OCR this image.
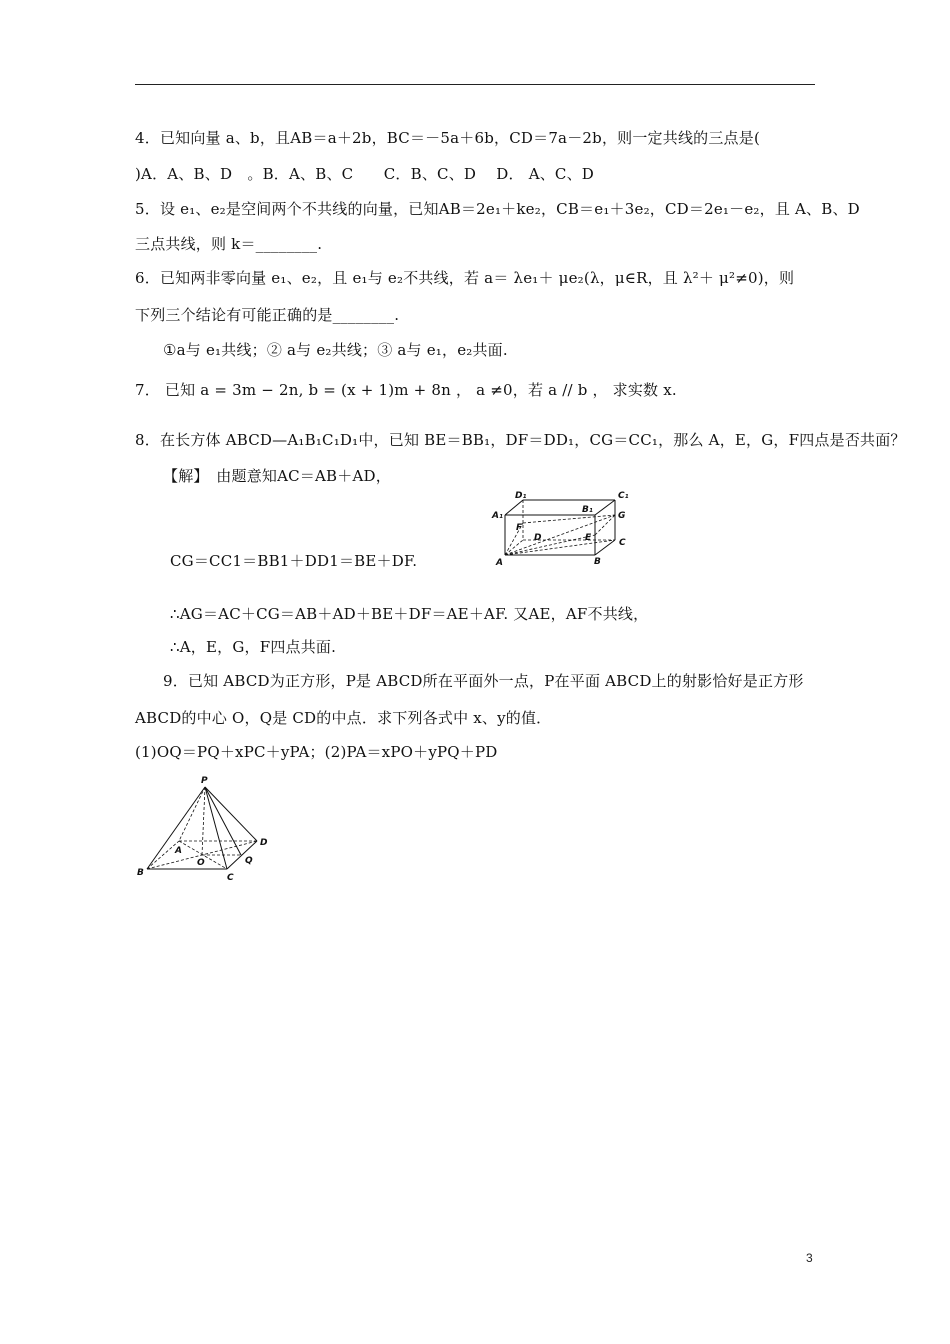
4．已知向量 a、b，且AB＝a＋2b，BC＝－5a＋6b，CD＝7a－2b，则一定共线的三点是(
)A．A、B、D　。B．A、B、C　　C．B、C、D　 D． A、C、D
5．设 e₁、e₂是空间两个不共线的向量，已知AB＝2e₁＋ke₂，CB＝e₁＋3e₂，CD＝2e₁－e₂，且 A、B、D
三点共线，则 k＝________.
6．已知两非零向量 e₁、e₂，且 e₁与 e₂不共线，若 a＝ λe₁＋ μe₂(λ，μ∈R，且 λ²＋ μ²≠0)，则
下列三个结论有可能正确的是________.
①a与 e₁共线；② a与 e₂共线；③ a与 e₁，e₂共面.
7． 已知 a = 3m − 2n, b = (x + 1)m + 8n ， a ≠0，若 a // b ， 求实数 x.
8．在长方体 ABCD—A₁B₁C₁D₁中，已知 BE＝BB₁，DF＝DD₁，CG＝CC₁，那么 A，E，G，F四点是否共面？
【解】　由题意知AC＝AB＋AD，
D₁	C₁
A₁
B₁
G
F
D	E	C
A	B
CG＝CC1＝BB1＋DD1＝BE＋DF.
∴AG＝AC＋CG＝AB＋AD＋BE＋DF＝AE＋AF. 又AE，AF不共线，
∴A，E，G，F四点共面.
9．已知 ABCD为正方形，P是 ABCD所在平面外一点，P在平面 ABCD上的射影恰好是正方形
ABCD的中心 O，Q是 CD的中点．求下列各式中 x、y的值．
(1)OQ＝PQ＋xPC＋yPA；(2)PA＝xPO＋yPQ＋PD
P
A
D
O	Q
B	C
3
